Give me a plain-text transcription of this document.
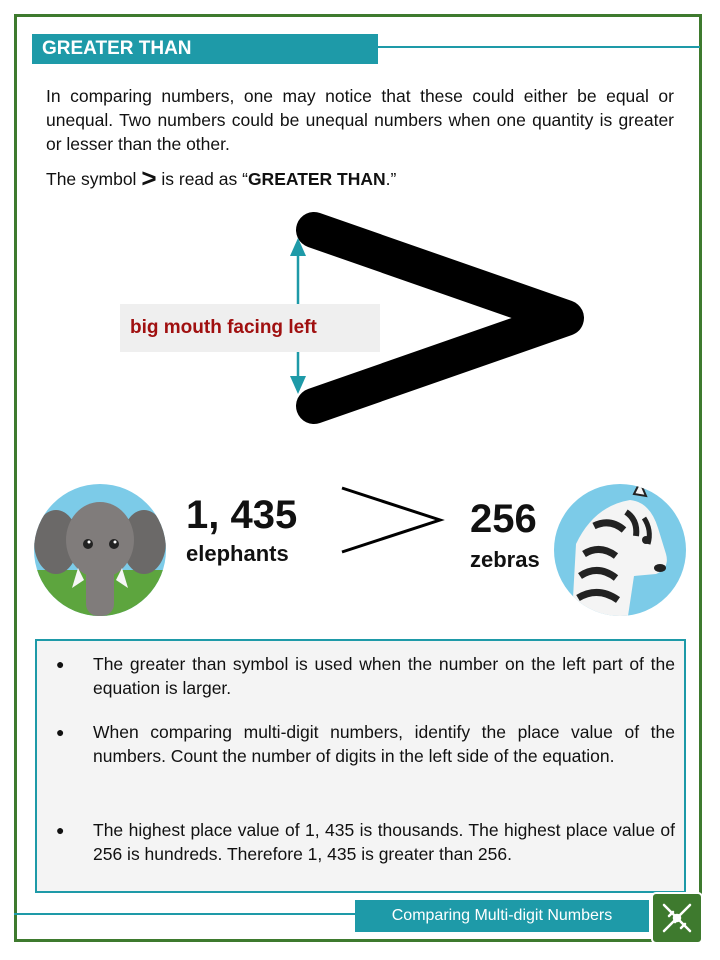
GREATER THAN

In comparing numbers, one may notice that these could either be equal or unequal. Two numbers could be unequal numbers when one quantity is greater or lesser than the other.

The symbol > is read as “GREATER THAN.”

big mouth facing left
1, 435
elephants
256
zebras
● The greater than symbol is used when the number on the left part of the equation is larger.

● When comparing multi-digit numbers, identify the place value of the numbers. Count the number of digits in the left side of the equation.

● The highest place value of 1, 435 is thousands. The highest place value of 256 is hundreds. Therefore 1, 435 is greater than 256.

Comparing Multi-digit Numbers
